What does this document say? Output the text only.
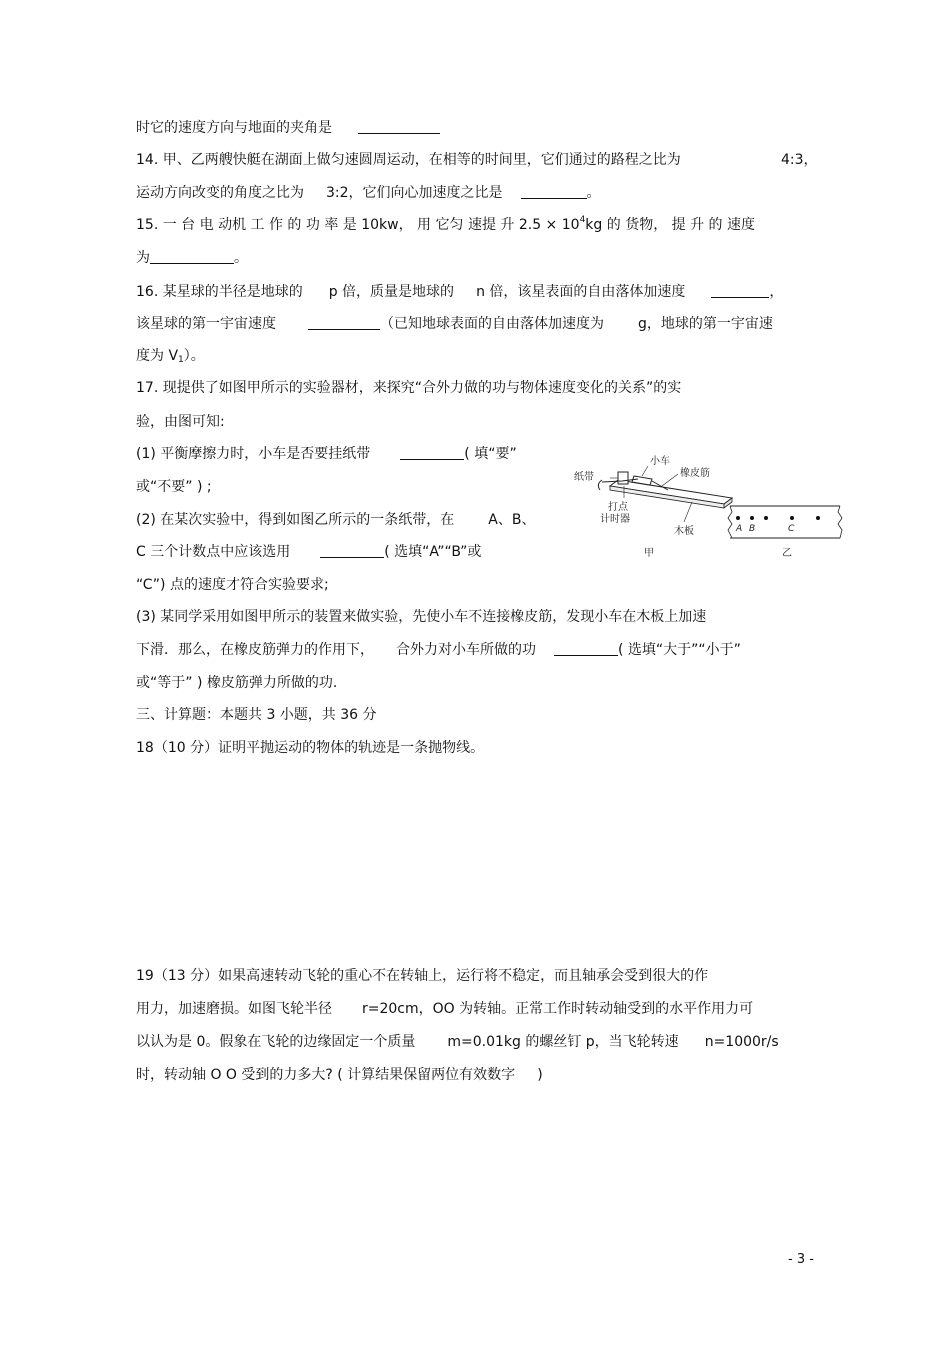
时它的速度方向与地面的夹角是
14. 甲、乙两艘快艇在湖面上做匀速圆周运动，在相等的时间里，它们通过的路程之比为	4:3，
运动方向改变的角度之比为 3:2，它们向心加速度之比是	。
15. 一 台 电 动机 工 作 的 功 率 是 10kw， 用 它匀 速提 升 $2.5 \times 10^4kg$ 的 货物， 提 升 的 速度
为	。
16. 某星球的半径是地球的 p 倍，质量是地球的 n 倍，该星表面的自由落体加速度	，
该星球的第一宇宙速度	（已知地球表面的自由落体加速度为 g，地球的第一宇宙速
度为 $V_1$）。
17. 现提供了如图甲所示的实验器材，来探究“合外力做的功与物体速度变化的关系”的实
验，由图可知:
(1) 平衡摩擦力时，小车是否要挂纸带	( 填“要”
或“不要” ) ;
(2) 在某次实验中，得到如图乙所示的一条纸带，在 A、B、
C 三个计数点中应该选用	( 选填“A”“B”或
“C”) 点的速度才符合实验要求;
(3) 某同学采用如图甲所示的装置来做实验，先使小车不连接橡皮筋，发现小车在木板上加速
下滑．那么，在橡皮筋弹力的作用下， 合外力对小车所做的功	( 选填“大于”“小于”
或“等于” ) 橡皮筋弹力所做的功.
纸带
小车
橡皮筋
打点
计时器
木板
甲
A B	C
乙
三、计算题：本题共 3 小题，共 36 分
18（10 分）证明平抛运动的物体的轨迹是一条抛物线。
19（13 分）如果高速转动飞轮的重心不在转轴上，运行将不稳定，而且轴承会受到很大的作
用力，加速磨损。如图飞轮半径 r=20cm，OO 为转轴。正常工作时转动轴受到的水平作用力可
以认为是 0。假象在飞轮的边缘固定一个质量 m=0.01kg 的螺丝钉 p，当飞轮转速 n=1000r/s
时，转动轴 O O 受到的力多大? ( 计算结果保留两位有效数字 )
- 3 -
